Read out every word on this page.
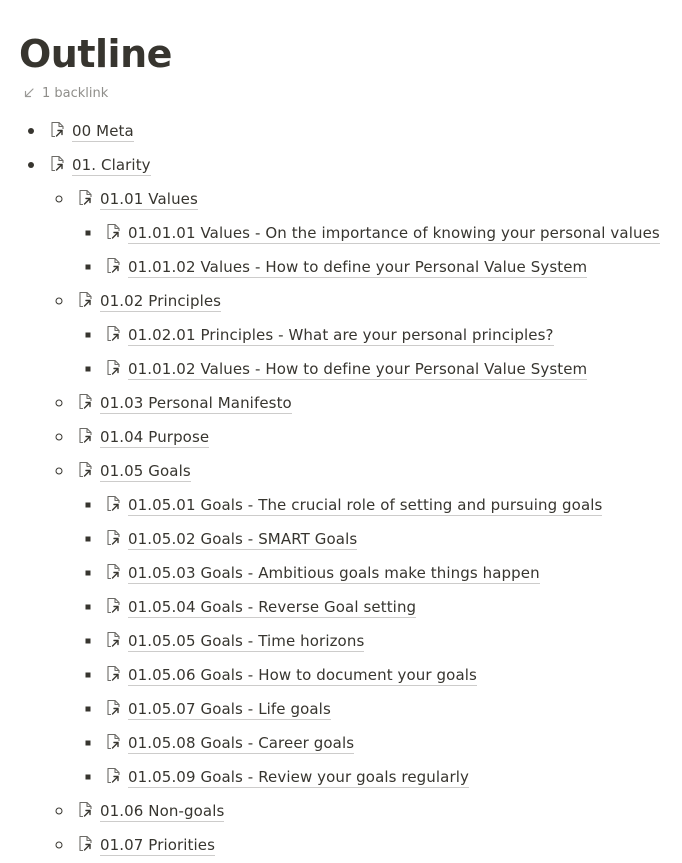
Outline
1 backlink
00 Meta
01. Clarity
01.01 Values
01.01.01 Values - On the importance of knowing your personal values
01.01.02 Values - How to define your Personal Value System
01.02 Principles
01.02.01 Principles - What are your personal principles?
01.01.02 Values - How to define your Personal Value System
01.03 Personal Manifesto
01.04 Purpose
01.05 Goals
01.05.01 Goals - The crucial role of setting and pursuing goals
01.05.02 Goals - SMART Goals
01.05.03 Goals - Ambitious goals make things happen
01.05.04 Goals - Reverse Goal setting
01.05.05 Goals - Time horizons
01.05.06 Goals - How to document your goals
01.05.07 Goals - Life goals
01.05.08 Goals - Career goals
01.05.09 Goals - Review your goals regularly
01.06 Non-goals
01.07 Priorities
